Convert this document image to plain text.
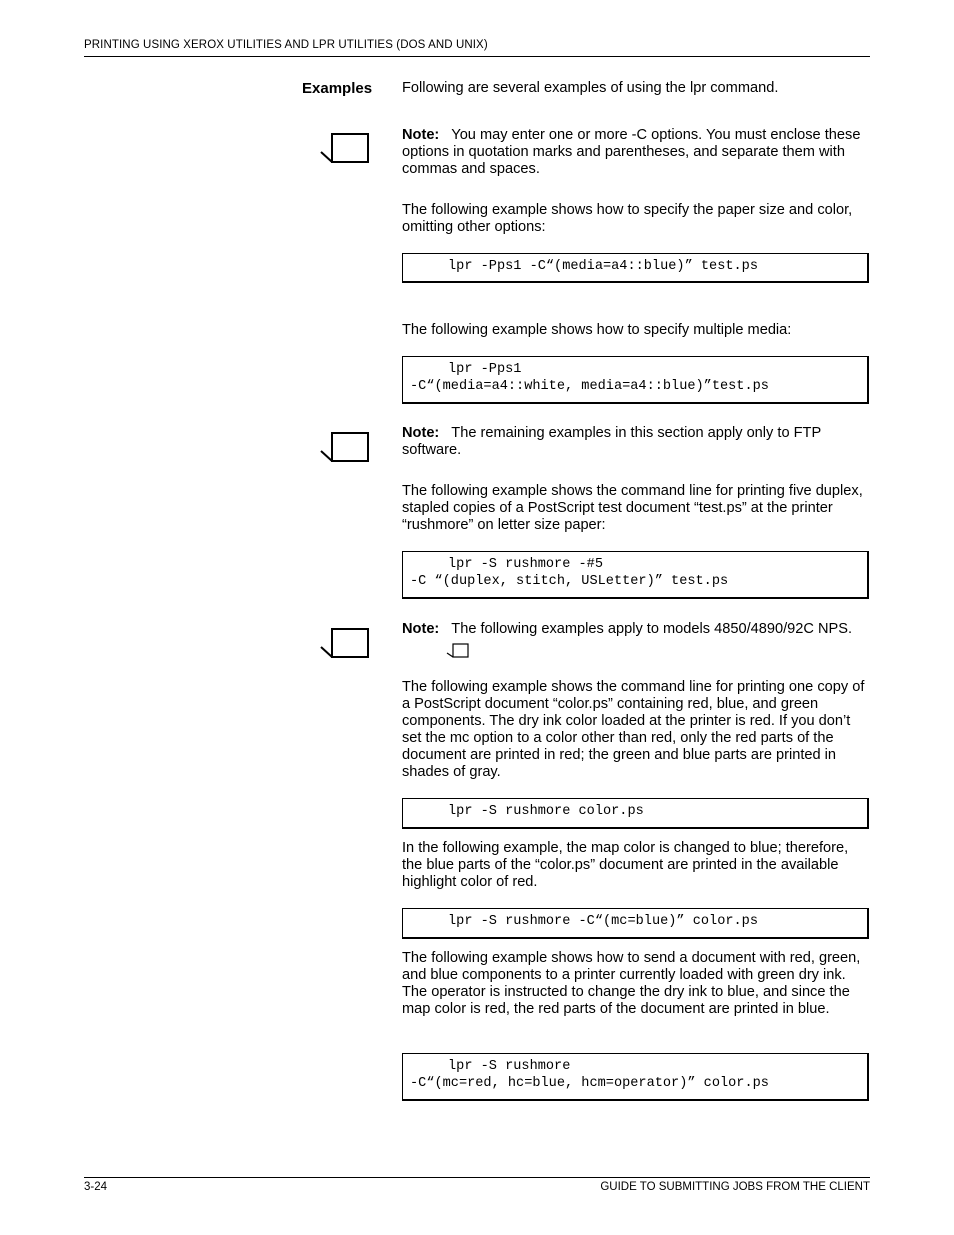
PRINTING USING XEROX UTILITIES AND LPR UTILITIES (DOS AND UNIX)
Examples Following are several examples of using the lpr command.
Note: You may enter one or more -C options. You must enclose these options in quotation marks and parentheses, and separate them with commas and spaces.
The following example shows how to specify the paper size and color, omitting other options:
lpr -Pps1 -C“(media=a4::blue)” test.ps
The following example shows how to specify multiple media:
lpr -Pps1
-C“(media=a4::white, media=a4::blue)”test.ps
Note: The remaining examples in this section apply only to FTP software.
The following example shows the command line for printing five duplex, stapled copies of a PostScript test document “test.ps” at the printer “rushmore” on letter size paper:
lpr -S rushmore -#5
-C “(duplex, stitch, USLetter)” test.ps
Note: The following examples apply to models 4850/4890/92C NPS.
The following example shows the command line for printing one copy of a PostScript document “color.ps” containing red, blue, and green components. The dry ink color loaded at the printer is red. If you don’t set the mc option to a color other than red, only the red parts of the document are printed in red; the green and blue parts are printed in shades of gray.
lpr -S rushmore color.ps
In the following example, the map color is changed to blue; therefore, the blue parts of the “color.ps” document are printed in the available highlight color of red.
lpr -S rushmore -C“(mc=blue)” color.ps
The following example shows how to send a document with red, green, and blue components to a printer currently loaded with green dry ink. The operator is instructed to change the dry ink to blue, and since the map color is red, the red parts of the document are printed in blue.
lpr -S rushmore
-C“(mc=red, hc=blue, hcm=operator)” color.ps
3-24	GUIDE TO SUBMITTING JOBS FROM THE CLIENT
